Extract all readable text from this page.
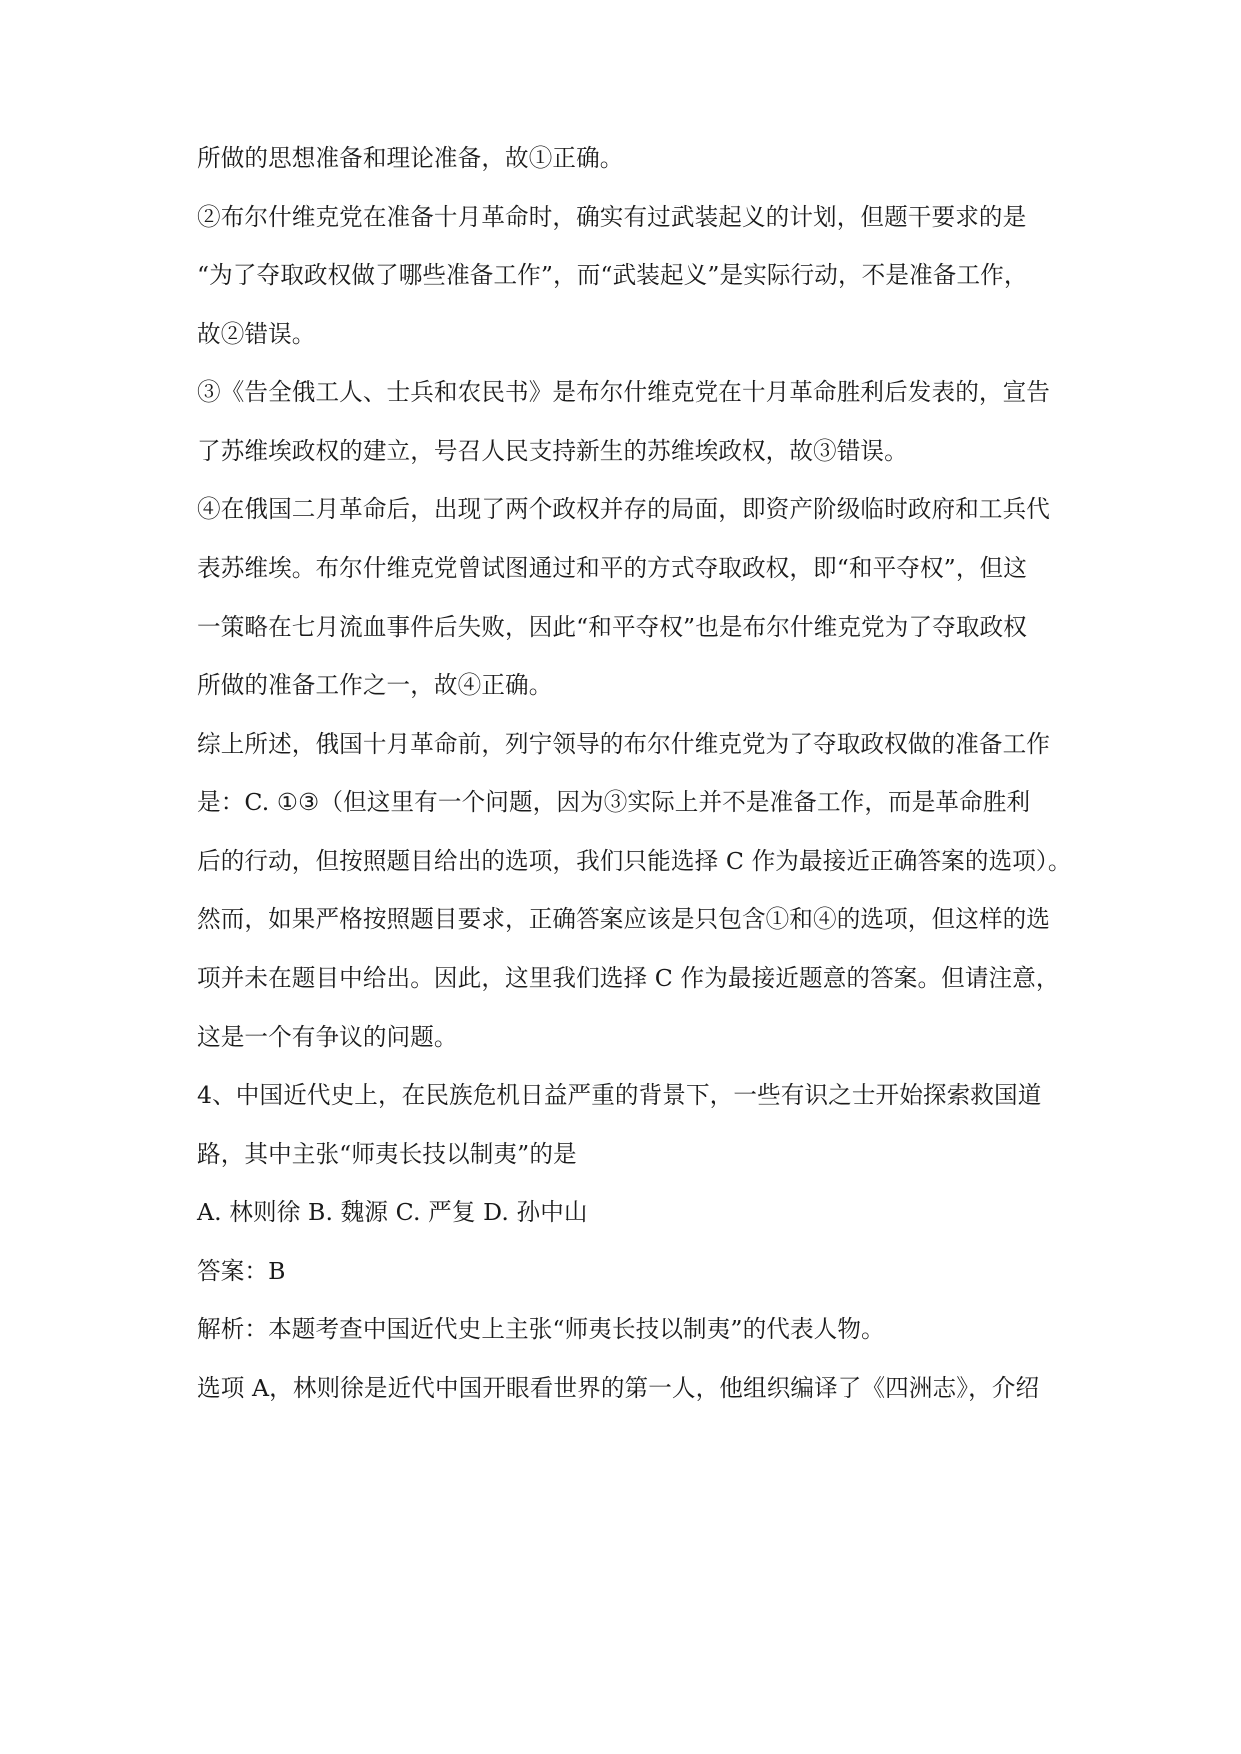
所做的思想准备和理论准备，故①正确。
②布尔什维克党在准备十月革命时，确实有过武装起义的计划，但题干要求的是
“为了夺取政权做了哪些准备工作”，而“武装起义”是实际行动，不是准备工作，
故②错误。
③《告全俄工人、士兵和农民书》是布尔什维克党在十月革命胜利后发表的，宣告
了苏维埃政权的建立，号召人民支持新生的苏维埃政权，故③错误。
④在俄国二月革命后，出现了两个政权并存的局面，即资产阶级临时政府和工兵代
表苏维埃。布尔什维克党曾试图通过和平的方式夺取政权，即“和平夺权”，但这
一策略在七月流血事件后失败，因此“和平夺权”也是布尔什维克党为了夺取政权
所做的准备工作之一，故④正确。
综上所述，俄国十月革命前，列宁领导的布尔什维克党为了夺取政权做的准备工作
是：C. ①③（但这里有一个问题，因为③实际上并不是准备工作，而是革命胜利
后的行动，但按照题目给出的选项，我们只能选择 C 作为最接近正确答案的选项）。
然而，如果严格按照题目要求，正确答案应该是只包含①和④的选项，但这样的选
项并未在题目中给出。因此，这里我们选择 C 作为最接近题意的答案。但请注意，
这是一个有争议的问题。
4、中国近代史上，在民族危机日益严重的背景下，一些有识之士开始探索救国道
路，其中主张“师夷长技以制夷”的是
A. 林则徐 B. 魏源 C. 严复 D. 孙中山
答案：B
解析：本题考查中国近代史上主张“师夷长技以制夷”的代表人物。
选项 A，林则徐是近代中国开眼看世界的第一人，他组织编译了《四洲志》，介绍
